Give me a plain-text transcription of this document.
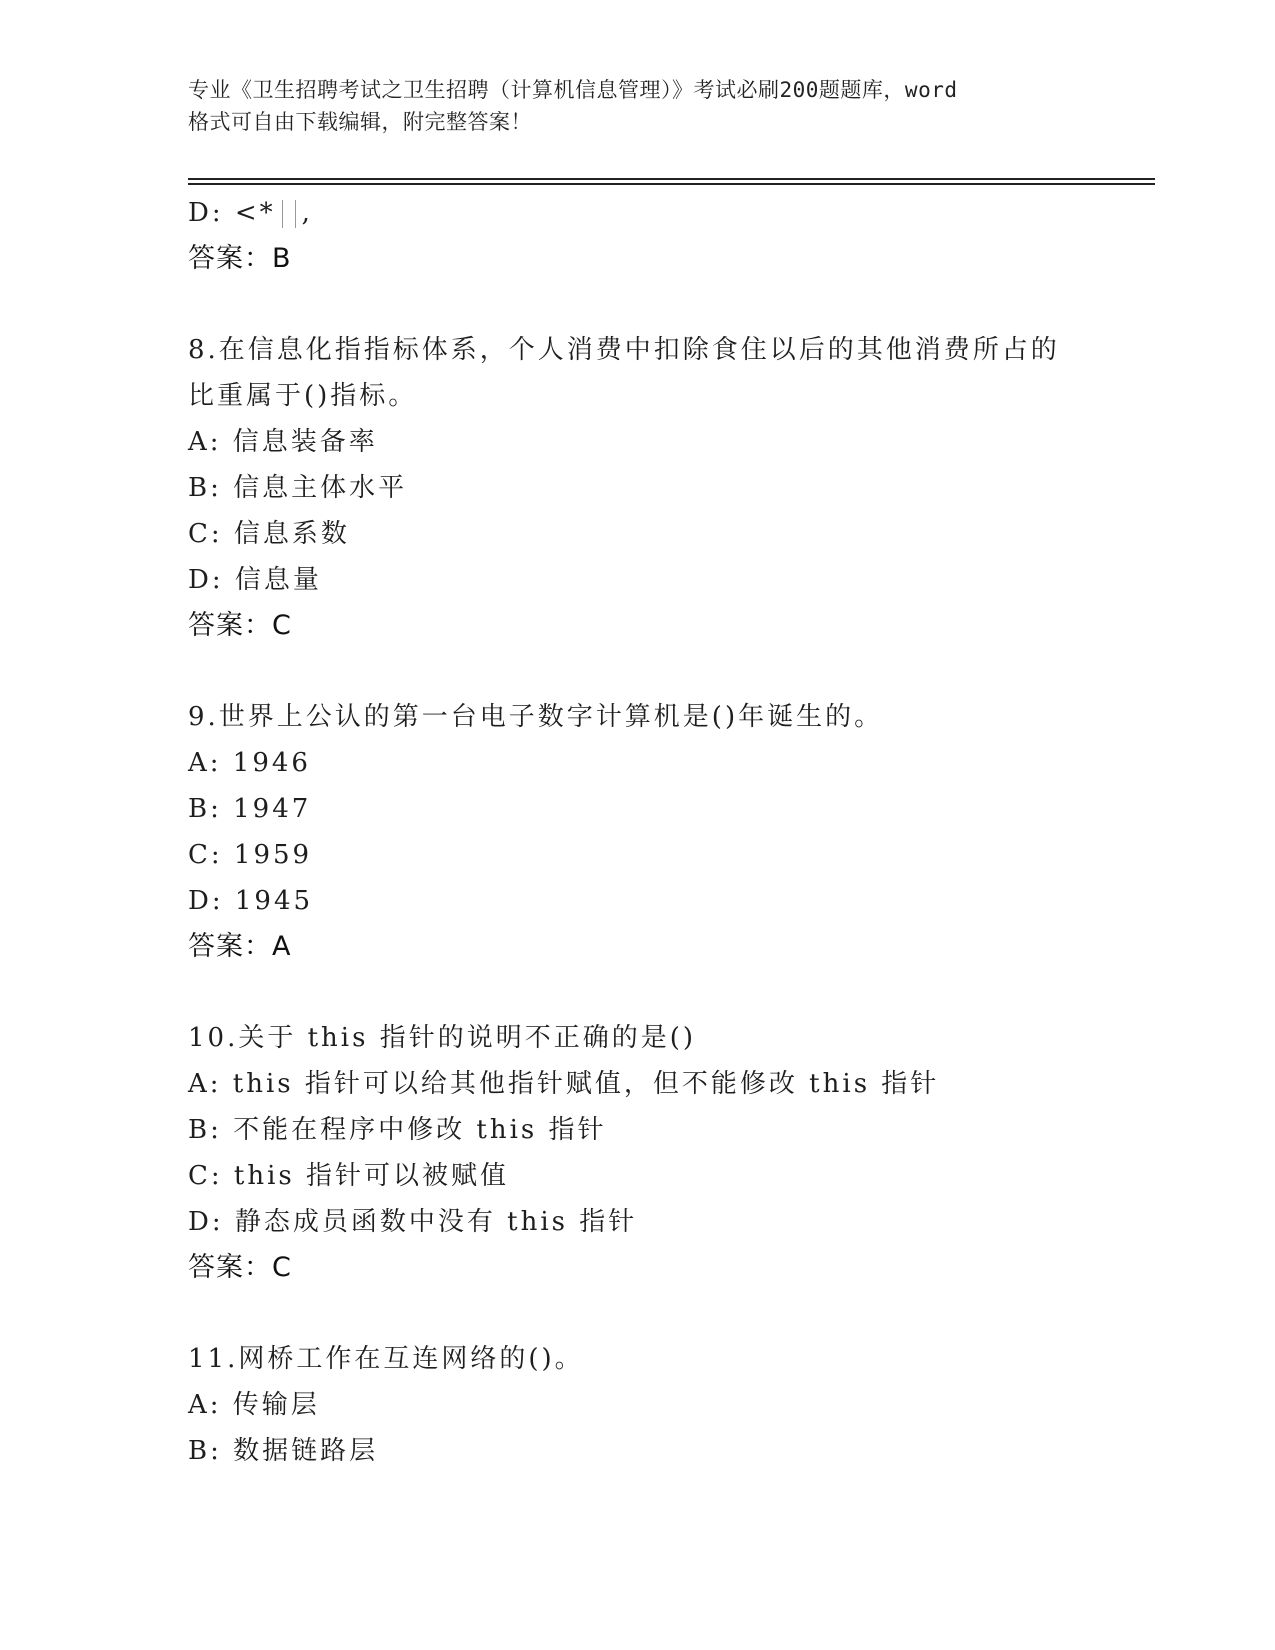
专业《卫生招聘考试之卫生招聘（计算机信息管理）》考试必刷200题题库，word
格式可自由下载编辑，附完整答案！
D: <* ,
答案：B
8.在信息化指指标体系，个人消费中扣除食住以后的其他消费所占的
比重属于()指标。
A: 信息装备率
B: 信息主体水平
C: 信息系数
D: 信息量
答案：C
9.世界上公认的第一台电子数字计算机是()年诞生的。
A: 1946
B: 1947
C: 1959
D: 1945
答案：A
10.关于 this 指针的说明不正确的是()
A: this 指针可以给其他指针赋值，但不能修改 this 指针
B: 不能在程序中修改 this 指针
C: this 指针可以被赋值
D: 静态成员函数中没有 this 指针
答案：C
11.网桥工作在互连网络的()。
A: 传输层
B: 数据链路层
